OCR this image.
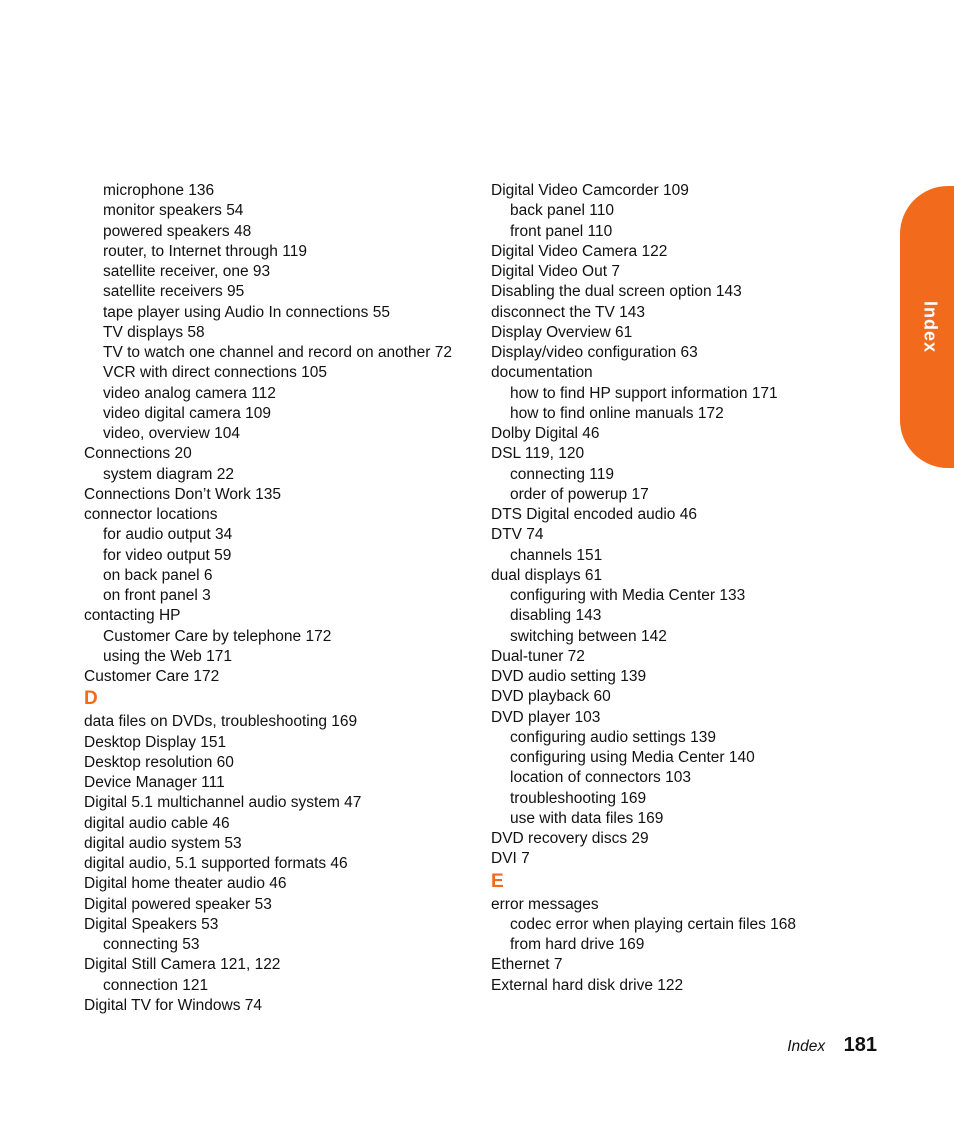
Index
microphone 136
monitor speakers 54
powered speakers 48
router, to Internet through 119
satellite receiver, one 93
satellite receivers 95
tape player using Audio In connections 55
TV displays 58
TV to watch one channel and record on another 72
VCR with direct connections 105
video analog camera 112
video digital camera 109
video, overview 104
Connections 20
system diagram 22
Connections Don’t Work 135
connector locations
for audio output 34
for video output 59
on back panel 6
on front panel 3
contacting HP
Customer Care by telephone 172
using the Web 171
Customer Care 172
D
data files on DVDs, troubleshooting 169
Desktop Display 151
Desktop resolution 60
Device Manager 111
Digital 5.1 multichannel audio system 47
digital audio cable 46
digital audio system 53
digital audio, 5.1 supported formats 46
Digital home theater audio 46
Digital powered speaker 53
Digital Speakers 53
connecting 53
Digital Still Camera 121, 122
connection 121
Digital TV for Windows 74
Digital Video Camcorder 109
back panel 110
front panel 110
Digital Video Camera 122
Digital Video Out 7
Disabling the dual screen option 143
disconnect the TV 143
Display Overview 61
Display/video configuration 63
documentation
how to find HP support information 171
how to find online manuals 172
Dolby Digital 46
DSL 119, 120
connecting 119
order of powerup 17
DTS Digital encoded audio 46
DTV 74
channels 151
dual displays 61
configuring with Media Center 133
disabling 143
switching between 142
Dual-tuner 72
DVD audio setting 139
DVD playback 60
DVD player 103
configuring audio settings 139
configuring using Media Center 140
location of connectors 103
troubleshooting 169
use with data files 169
DVD recovery discs 29
DVI 7
E
error messages
codec error when playing certain files 168
from hard drive 169
Ethernet 7
External hard disk drive 122
Index 181
